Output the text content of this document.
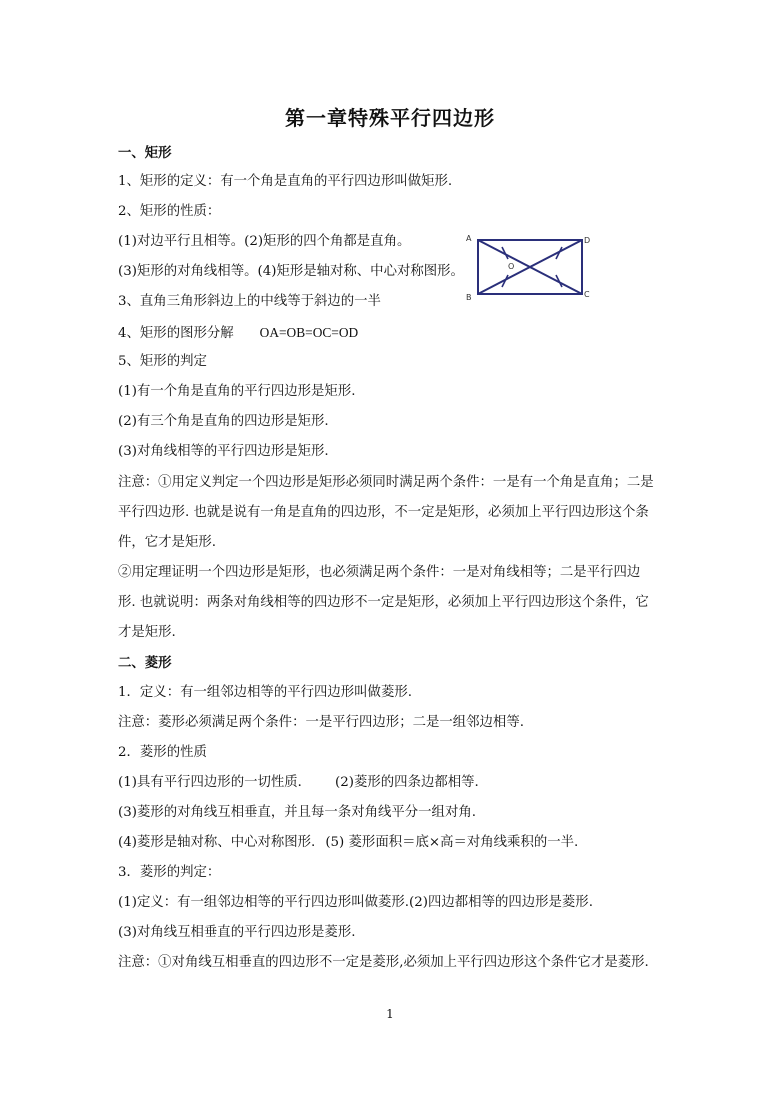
第一章特殊平行四边形
一、矩形
1、矩形的定义：有一个角是直角的平行四边形叫做矩形.
2、矩形的性质：
(1)对边平行且相等。(2)矩形的四个角都是直角。
(3)矩形的对角线相等。(4)矩形是轴对称、中心对称图形。
3、直角三角形斜边上的中线等于斜边的一半
4、矩形的图形分解 OA=OB=OC=OD
5、矩形的判定
(1)有一个角是直角的平行四边形是矩形.
(2)有三个角是直角的四边形是矩形.
(3)对角线相等的平行四边形是矩形.
注意：①用定义判定一个四边形是矩形必须同时满足两个条件：一是有一个角是直角；二是
平行四边形. 也就是说有一角是直角的四边形，不一定是矩形，必须加上平行四边形这个条
件，它才是矩形.
②用定理证明一个四边形是矩形，也必须满足两个条件：一是对角线相等；二是平行四边
形. 也就说明：两条对角线相等的四边形不一定是矩形，必须加上平行四边形这个条件，它
才是矩形.
二、菱形
1．定义：有一组邻边相等的平行四边形叫做菱形.
注意：菱形必须满足两个条件：一是平行四边形；二是一组邻边相等.
2．菱形的性质
(1)具有平行四边形的一切性质． (2)菱形的四条边都相等.
(3)菱形的对角线互相垂直，并且每一条对角线平分一组对角.
(4)菱形是轴对称、中心对称图形. (5) 菱形面积＝底×高＝对角线乘积的一半.
3．菱形的判定：
(1)定义：有一组邻边相等的平行四边形叫做菱形.(2)四边都相等的四边形是菱形.
(3)对角线互相垂直的平行四边形是菱形.
注意：①对角线互相垂直的四边形不一定是菱形,必须加上平行四边形这个条件它才是菱形.
A
B	C
D
O
1
